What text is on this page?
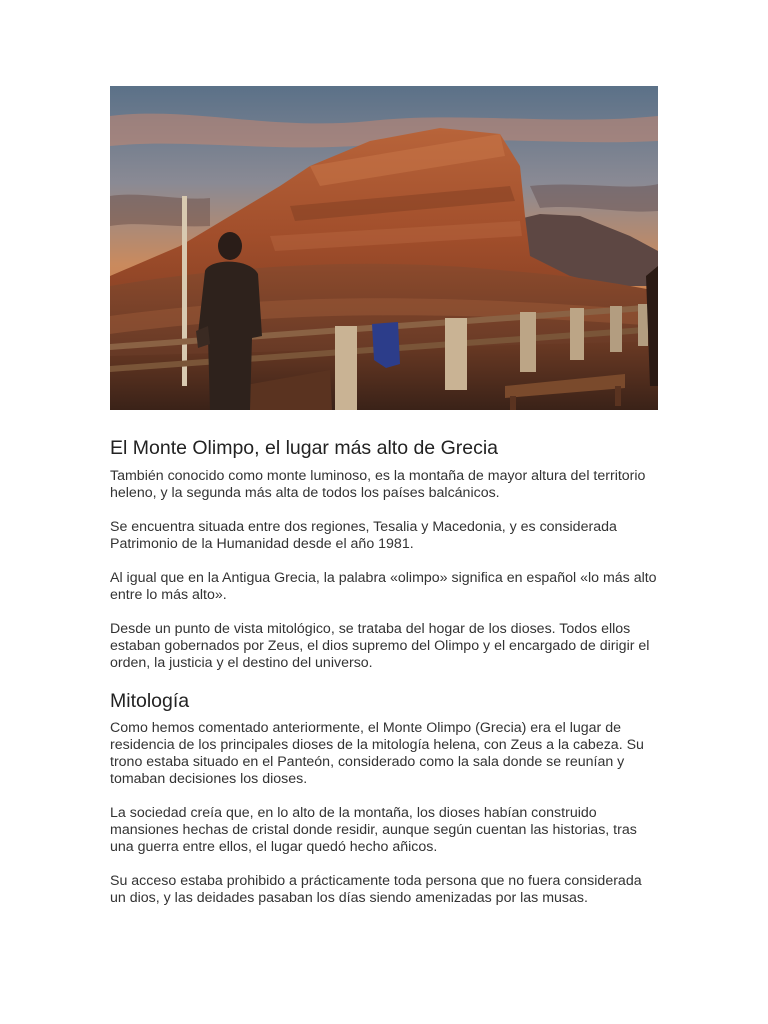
El Monte Olimpo, el lugar más alto de Grecia

También conocido como monte luminoso, es la montaña de mayor altura del territorio heleno, y la segunda más alta de todos los países balcánicos.

Se encuentra situada entre dos regiones, Tesalia y Macedonia, y es considerada Patrimonio de la Humanidad desde el año 1981.

Al igual que en la Antigua Grecia, la palabra «olimpo» significa en español «lo más alto entre lo más alto».

Desde un punto de vista mitológico, se trataba del hogar de los dioses. Todos ellos estaban gobernados por Zeus, el dios supremo del Olimpo y el encargado de dirigir el orden, la justicia y el destino del universo.

Mitología

Como hemos comentado anteriormente, el Monte Olimpo (Grecia) era el lugar de residencia de los principales dioses de la mitología helena, con Zeus a la cabeza. Su trono estaba situado en el Panteón, considerado como la sala donde se reunían y tomaban decisiones los dioses.

La sociedad creía que, en lo alto de la montaña, los dioses habían construido mansiones hechas de cristal donde residir, aunque según cuentan las historias, tras una guerra entre ellos, el lugar quedó hecho añicos.

Su acceso estaba prohibido a prácticamente toda persona que no fuera considerada un dios, y las deidades pasaban los días siendo amenizadas por las musas.
